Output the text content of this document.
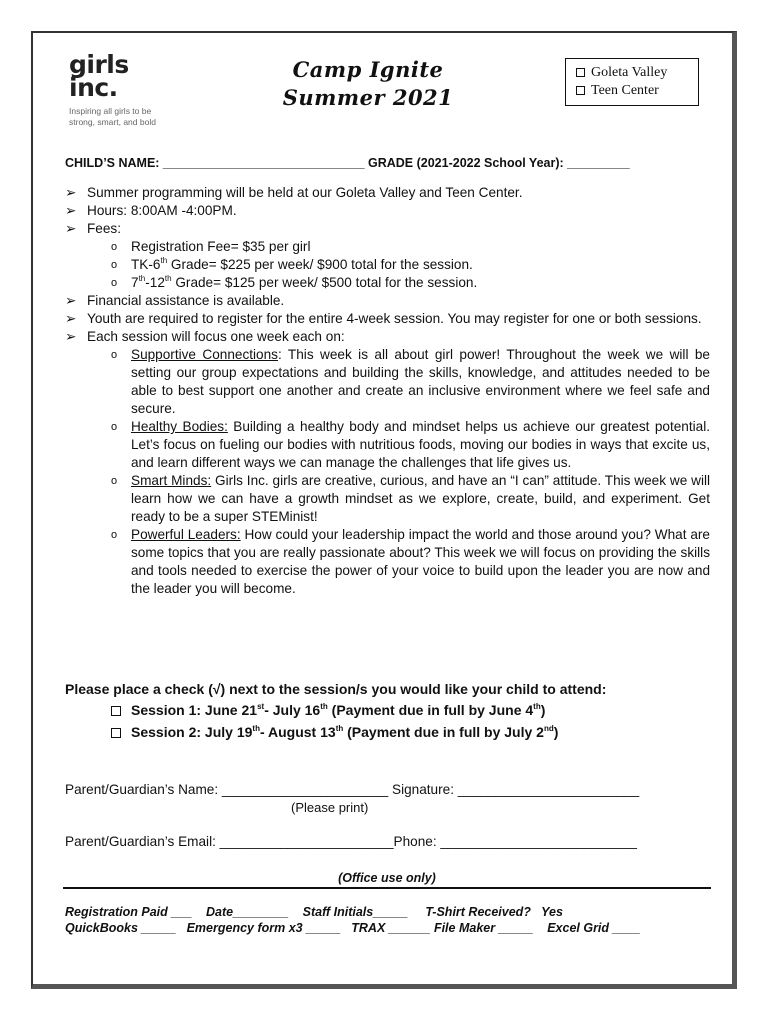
girls
inc.
Inspiring all girls to be
strong, smart, and bold
Camp Ignite
Summer 2021
Goleta Valley
Teen Center
CHILD’S NAME: _____________________________ GRADE (2021-2022 School Year): _________
➢ Summer programming will be held at our Goleta Valley and Teen Center.
➢ Hours: 8:00AM -4:00PM.
➢ Fees:
o Registration Fee= $35 per girl
o TK-6th Grade= $225 per week/ $900 total for the session.
o 7th-12th Grade= $125 per week/ $500 total for the session.
➢ Financial assistance is available.
➢ Youth are required to register for the entire 4-week session. You may register for one or both sessions.
➢ Each session will focus one week each on:
o Supportive Connections: This week is all about girl power! Throughout the week we will be setting our group expectations and building the skills, knowledge, and attitudes needed to be able to best support one another and create an inclusive environment where we feel safe and secure.
o Healthy Bodies: Building a healthy body and mindset helps us achieve our greatest potential. Let’s focus on fueling our bodies with nutritious foods, moving our bodies in ways that excite us, and learn different ways we can manage the challenges that life gives us.
o Smart Minds: Girls Inc. girls are creative, curious, and have an “I can” attitude. This week we will learn how we can have a growth mindset as we explore, create, build, and experiment. Get ready to be a super STEMinist!
o Powerful Leaders: How could your leadership impact the world and those around you? What are some topics that you are really passionate about? This week we will focus on providing the skills and tools needed to exercise the power of your voice to build upon the leader you are now and the leader you will become.
Please place a check (√) next to the session/s you would like your child to attend:
Session 1: June 21st- July 16th (Payment due in full by June 4th)
Session 2: July 19th- August 13th (Payment due in full by July 2nd)
Parent/Guardian’s Name: ______________________ Signature: ________________________
(Please print)
Parent/Guardian’s Email: _______________________Phone: __________________________
(Office use only)
Registration Paid ___    Date________    Staff Initials_____     T-Shirt Received?   Yes
QuickBooks _____   Emergency form x3 _____   TRAX ______ File Maker _____    Excel Grid ____
